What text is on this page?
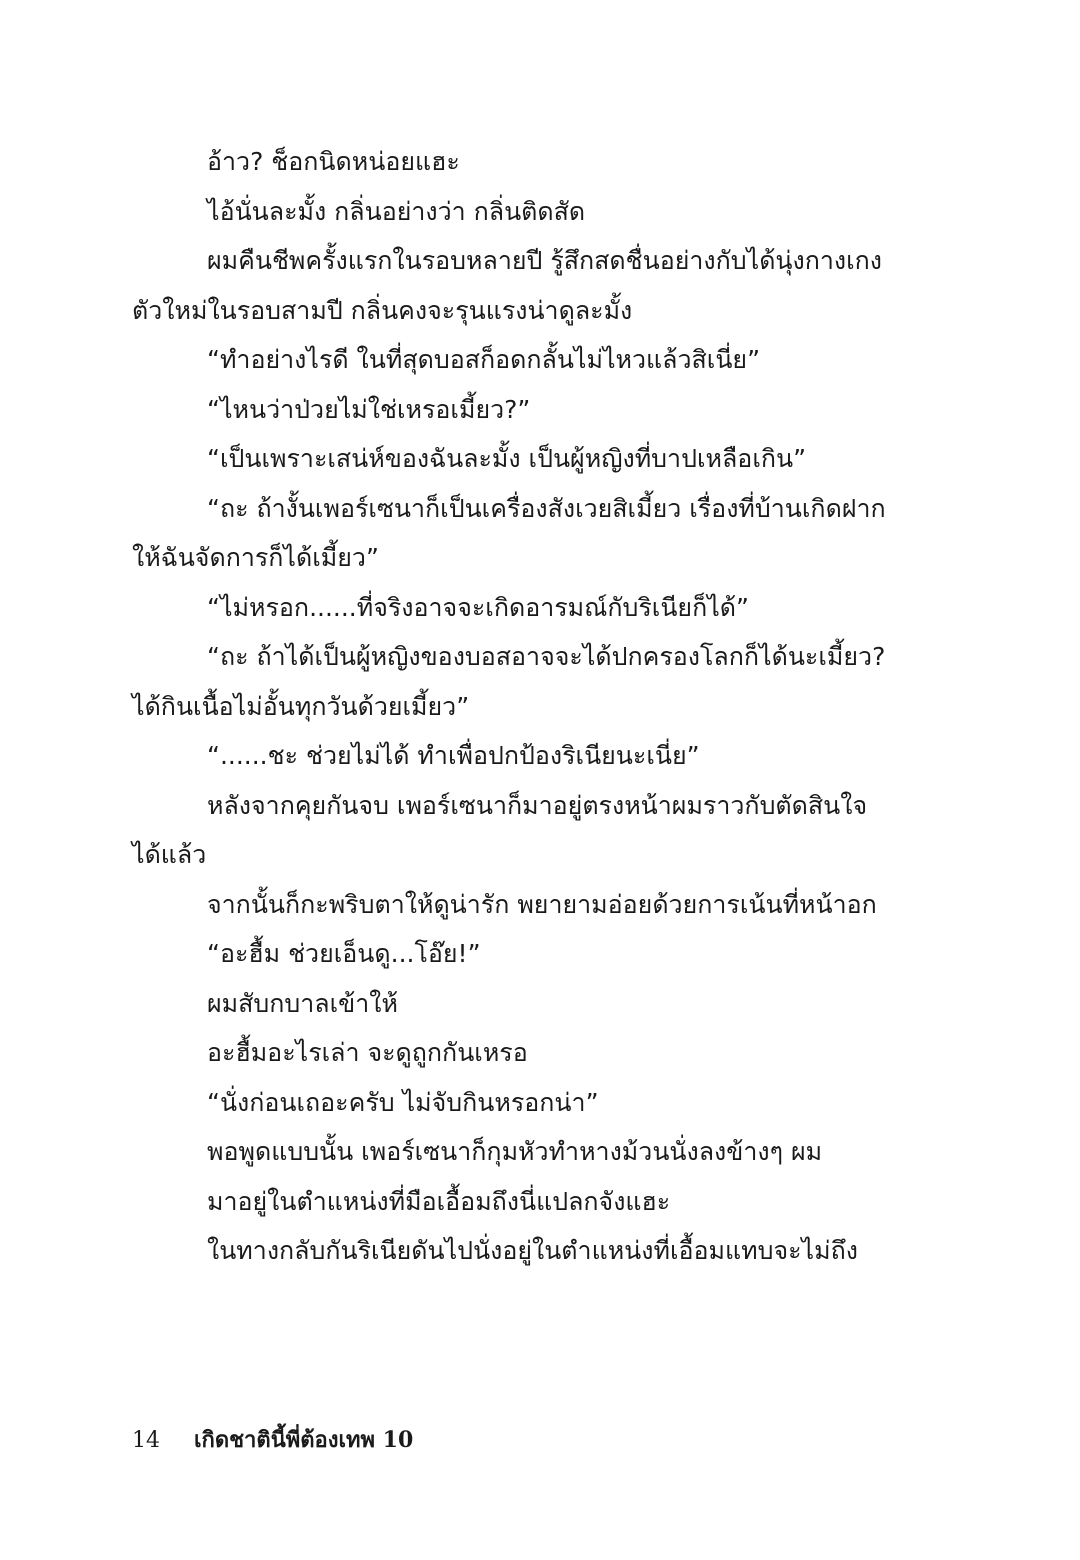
อ้าว? ช็อกนิดหน่อยแฮะ
ไอ้นั่นละมั้ง กลิ่นอย่างว่า กลิ่นติดสัด
ผมคืนชีพครั้งแรกในรอบหลายปี รู้สึกสดชื่นอย่างกับได้นุ่งกางเกง
ตัวใหม่ในรอบสามปี กลิ่นคงจะรุนแรงน่าดูละมั้ง
“ทำอย่างไรดี ในที่สุดบอสก็อดกลั้นไม่ไหวแล้วสิเนี่ย”
“ไหนว่าป่วยไม่ใช่เหรอเมี้ยว?”
“เป็นเพราะเสน่ห์ของฉันละมั้ง เป็นผู้หญิงที่บาปเหลือเกิน”
“ถะ ถ้างั้นเพอร์เซนาก็เป็นเครื่องสังเวยสิเมี้ยว เรื่องที่บ้านเกิดฝาก
ให้ฉันจัดการก็ได้เมี้ยว”
“ไม่หรอก......ที่จริงอาจจะเกิดอารมณ์กับริเนียก็ได้”
“ถะ ถ้าได้เป็นผู้หญิงของบอสอาจจะได้ปกครองโลกก็ได้นะเมี้ยว?
ได้กินเนื้อไม่อั้นทุกวันด้วยเมี้ยว”
“......ชะ ช่วยไม่ได้ ทำเพื่อปกป้องริเนียนะเนี่ย”
หลังจากคุยกันจบ เพอร์เซนาก็มาอยู่ตรงหน้าผมราวกับตัดสินใจ
ได้แล้ว
จากนั้นก็กะพริบตาให้ดูน่ารัก พยายามอ่อยด้วยการเน้นที่หน้าอก
“อะฮื้ม ช่วยเอ็นดู...โอ๊ย!”
ผมสับกบาลเข้าให้
อะฮื้มอะไรเล่า จะดูถูกกันเหรอ
“นั่งก่อนเถอะครับ ไม่จับกินหรอกน่า”
พอพูดแบบนั้น เพอร์เซนาก็กุมหัวทำหางม้วนนั่งลงข้างๆ ผม
มาอยู่ในตำแหน่งที่มือเอื้อมถึงนี่แปลกจังแฮะ
ในทางกลับกันริเนียดันไปนั่งอยู่ในตำแหน่งที่เอื้อมแทบจะไม่ถึง
14 เกิดชาตินี้พี่ต้องเทพ 10
